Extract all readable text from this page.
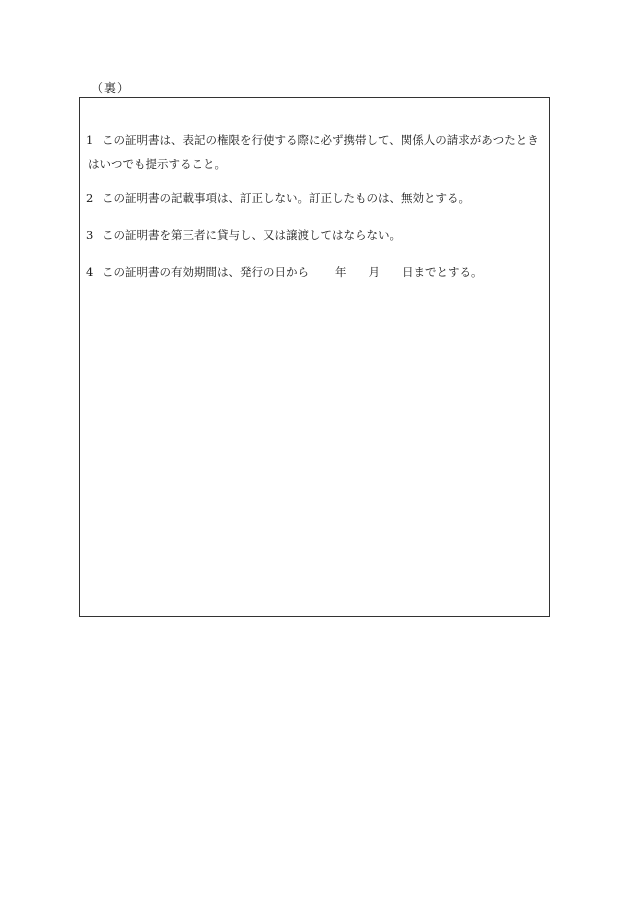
（裏）
1 この証明書は、表記の権限を行使する際に必ず携帯して、関係人の請求があつたとき
はいつでも提示すること。
2 この証明書の記載事項は、訂正しない。訂正したものは、無効とする。
3 この証明書を第三者に貸与し、又は譲渡してはならない。
4 この証明書の有効期間は、発行の日から 年 月 日までとする。
